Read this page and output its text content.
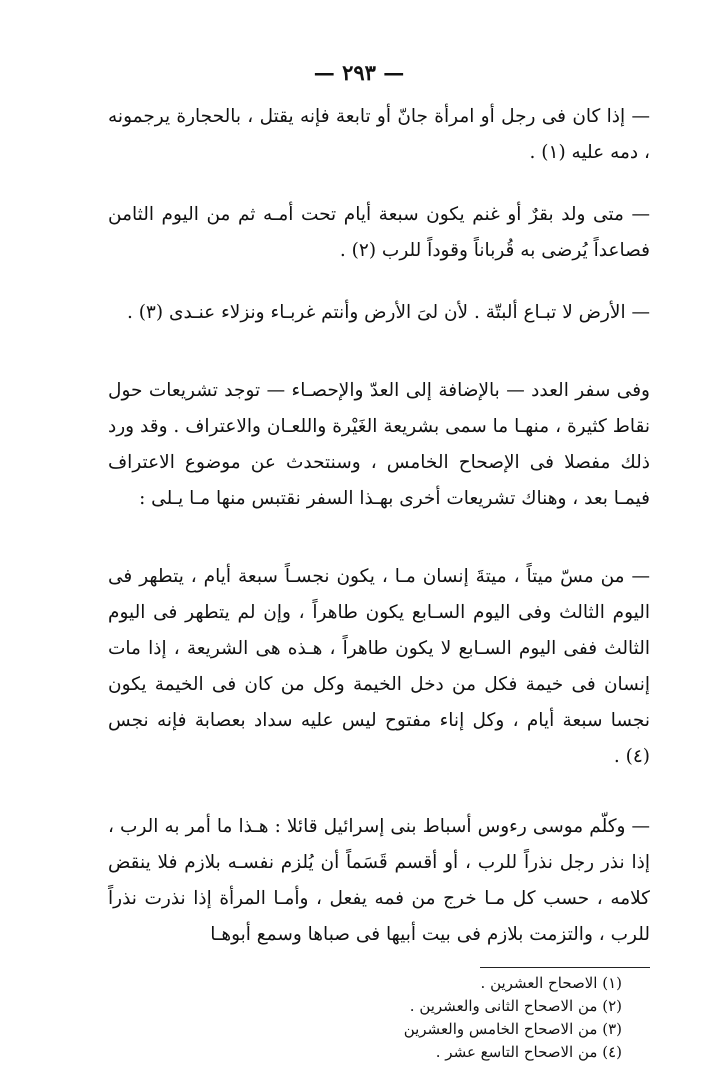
— ٢٩٣ —

— إذا كان فى رجل أو امرأة جانّ أو تابعة فإنه يقتل ، بالحجارة يرجمونه ، دمه عليه (١) .

— متى ولد بقرٌ أو غنم يكون سبعة أيام تحت أمـه ثم من اليوم الثامن فصاعداً يُرضى به قُرباناً وقوداً للرب (٢) .

— الأرض لا تبـاع ألبتّة . لأن لىَ الأرض وأنتم غربـاء ونزلاء عنـدى (٣) .

وفى سفر العدد — بالإضافة إلى العدّ والإحصـاء — توجد تشريعات حول نقاط كثيرة ، منهـا ما سمى بشريعة الغَيْرة واللعـان والاعتراف . وقد ورد ذلك مفصلا فى الإصحاح الخامس ، وسنتحدث عن موضوع الاعتراف فيمـا بعد ، وهناك تشريعات أخرى بهـذا السفر نقتبس منها مـا يـلى :

— من مسّ ميتاً ، ميتةَ إنسان مـا ، يكون نجسـاً سبعة أيام ، يتطهر فى اليوم الثالث وفى اليوم السـابع يكون طاهراً ، وإن لم يتطهر فى اليوم الثالث ففى اليوم السـابع لا يكون طاهراً ، هـذه هى الشريعة ، إذا مات إنسان فى خيمة فكل من دخل الخيمة وكل من كان فى الخيمة يكون نجسا سبعة أيام ، وكل إناء مفتوح ليس عليه سداد بعصابة فإنه نجس (٤) .

— وكلّم موسى رءوس أسباط بنى إسرائيل قائلا : هـذا ما أمر به الرب ، إذا نذر رجل نذراً للرب ، أو أقسم قَسَماً أن يُلزم نفسـه بلازم فلا ينقض كلامه ، حسب كل مـا خرج من فمه يفعل ، وأمـا المرأة إذا نذرت نذراً للرب ، والتزمت بلازم فى بيت أبيها فى صباها وسمع أبوهـا

(١) الاصحاح العشرين .
(٢) من الاصحاح الثانى والعشرين .
(٣) من الاصحاح الخامس والعشرين
(٤) من الاصحاح التاسع عشر .
